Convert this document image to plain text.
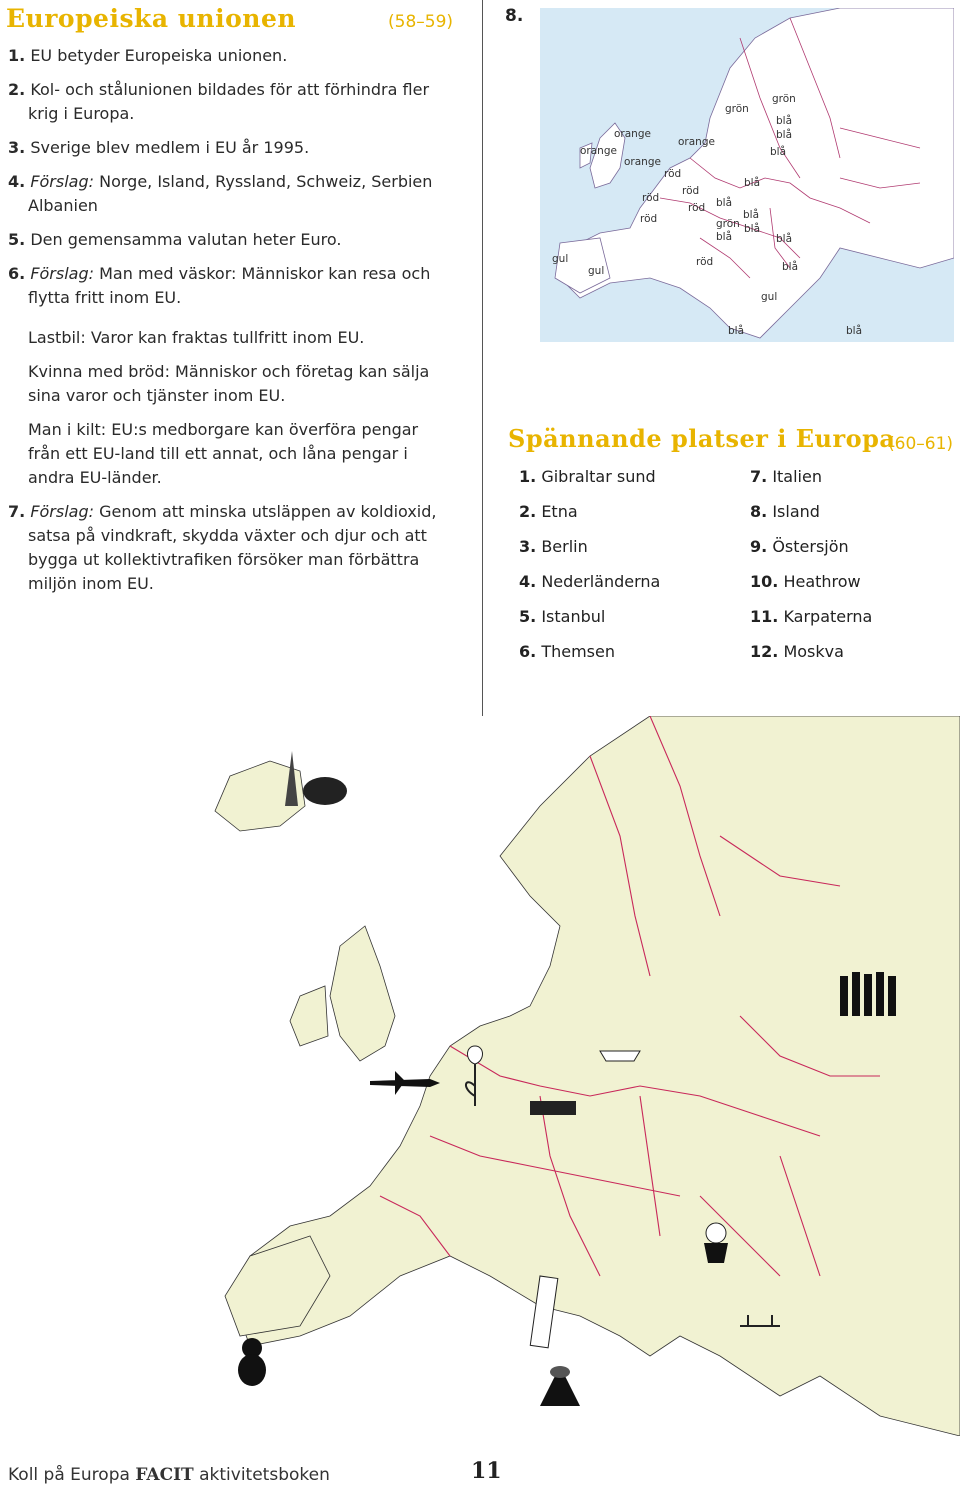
Europeiska unionen	(58–59)
1. EU betyder Europeiska unionen.
2. Kol- och stålunionen bildades för att förhindra fler
krig i Europa.
3. Sverige blev medlem i EU år 1995.
4. Förslag: Norge, Island, Ryssland, Schweiz, Serbien
Albanien
5. Den gemensamma valutan heter Euro.
6. Förslag: Man med väskor: Människor kan resa och
flytta fritt inom EU.
Lastbil: Varor kan fraktas tullfritt inom EU.
Kvinna med bröd: Människor och företag kan sälja
sina varor och tjänster inom EU.
Man i kilt: EU:s medborgare kan överföra pengar
från ett EU-land till ett annat, och låna pengar i
andra EU-länder.
7. Förslag: Genom att minska utsläppen av koldioxid,
satsa på vindkraft, skydda växter och djur och att
bygga ut kollektivtrafiken försöker man förbättra
miljön inom EU.
8.
grön
grön
blå
blå
blå
blå
blå
blå
blå
blå	blå
blå
blå	blå
grön
orange
orange
orange
orange
röd
röd
röd
röd
röd
röd
gul
gul
gul
Spännande platser i Europa
(60–61)
1. Gibraltar sund
2. Etna
3. Berlin
4. Nederländerna
5. Istanbul
6. Themsen
7. Italien
8. Island
9. Östersjön
10. Heathrow
11. Karpaterna
12. Moskva
Koll på Europa FACIT aktivitetsboken	11
